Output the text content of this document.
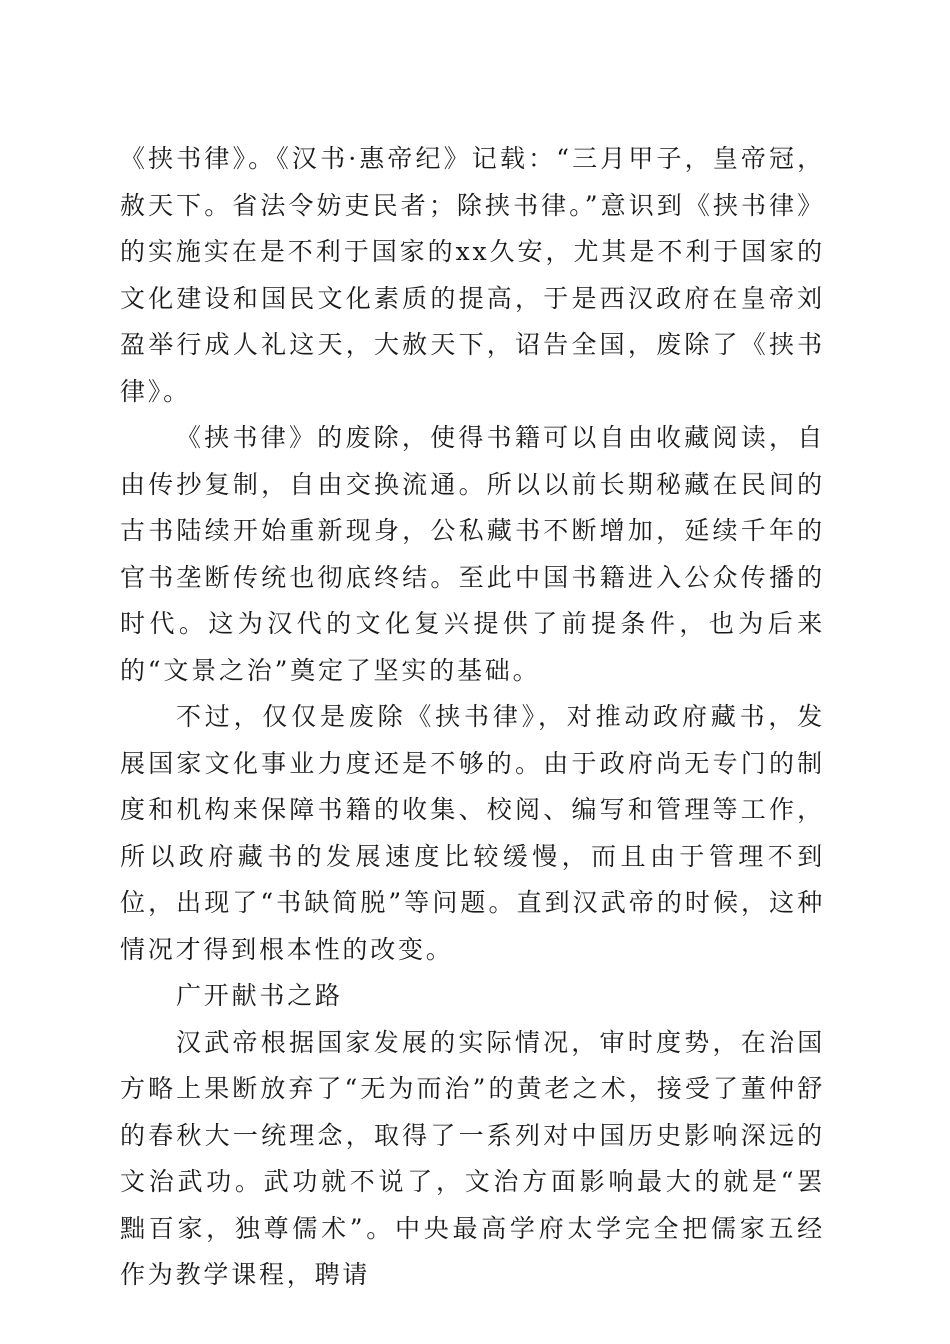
《挟书律》。《汉书·惠帝纪》记载：“三月甲子，皇帝冠，赦天下。省法令妨吏民者；除挟书律。”意识到《挟书律》的实施实在是不利于国家的xx久安，尤其是不利于国家的文化建设和国民文化素质的提高，于是西汉政府在皇帝刘盈举行成人礼这天，大赦天下，诏告全国，废除了《挟书律》。

《挟书律》的废除，使得书籍可以自由收藏阅读，自由传抄复制，自由交换流通。所以以前长期秘藏在民间的古书陆续开始重新现身，公私藏书不断增加，延续千年的官书垄断传统也彻底终结。至此中国书籍进入公众传播的时代。这为汉代的文化复兴提供了前提条件，也为后来的“文景之治”奠定了坚实的基础。

不过，仅仅是废除《挟书律》，对推动政府藏书，发展国家文化事业力度还是不够的。由于政府尚无专门的制度和机构来保障书籍的收集、校阅、编写和管理等工作，所以政府藏书的发展速度比较缓慢，而且由于管理不到位，出现了“书缺简脱”等问题。直到汉武帝的时候，这种情况才得到根本性的改变。

广开献书之路

汉武帝根据国家发展的实际情况，审时度势，在治国方略上果断放弃了“无为而治”的黄老之术，接受了董仲舒的春秋大一统理念，取得了一系列对中国历史影响深远的文治武功。武功就不说了，文治方面影响最大的就是“罢黜百家，独尊儒术”。中央最高学府太学完全把儒家五经作为教学课程，聘请
